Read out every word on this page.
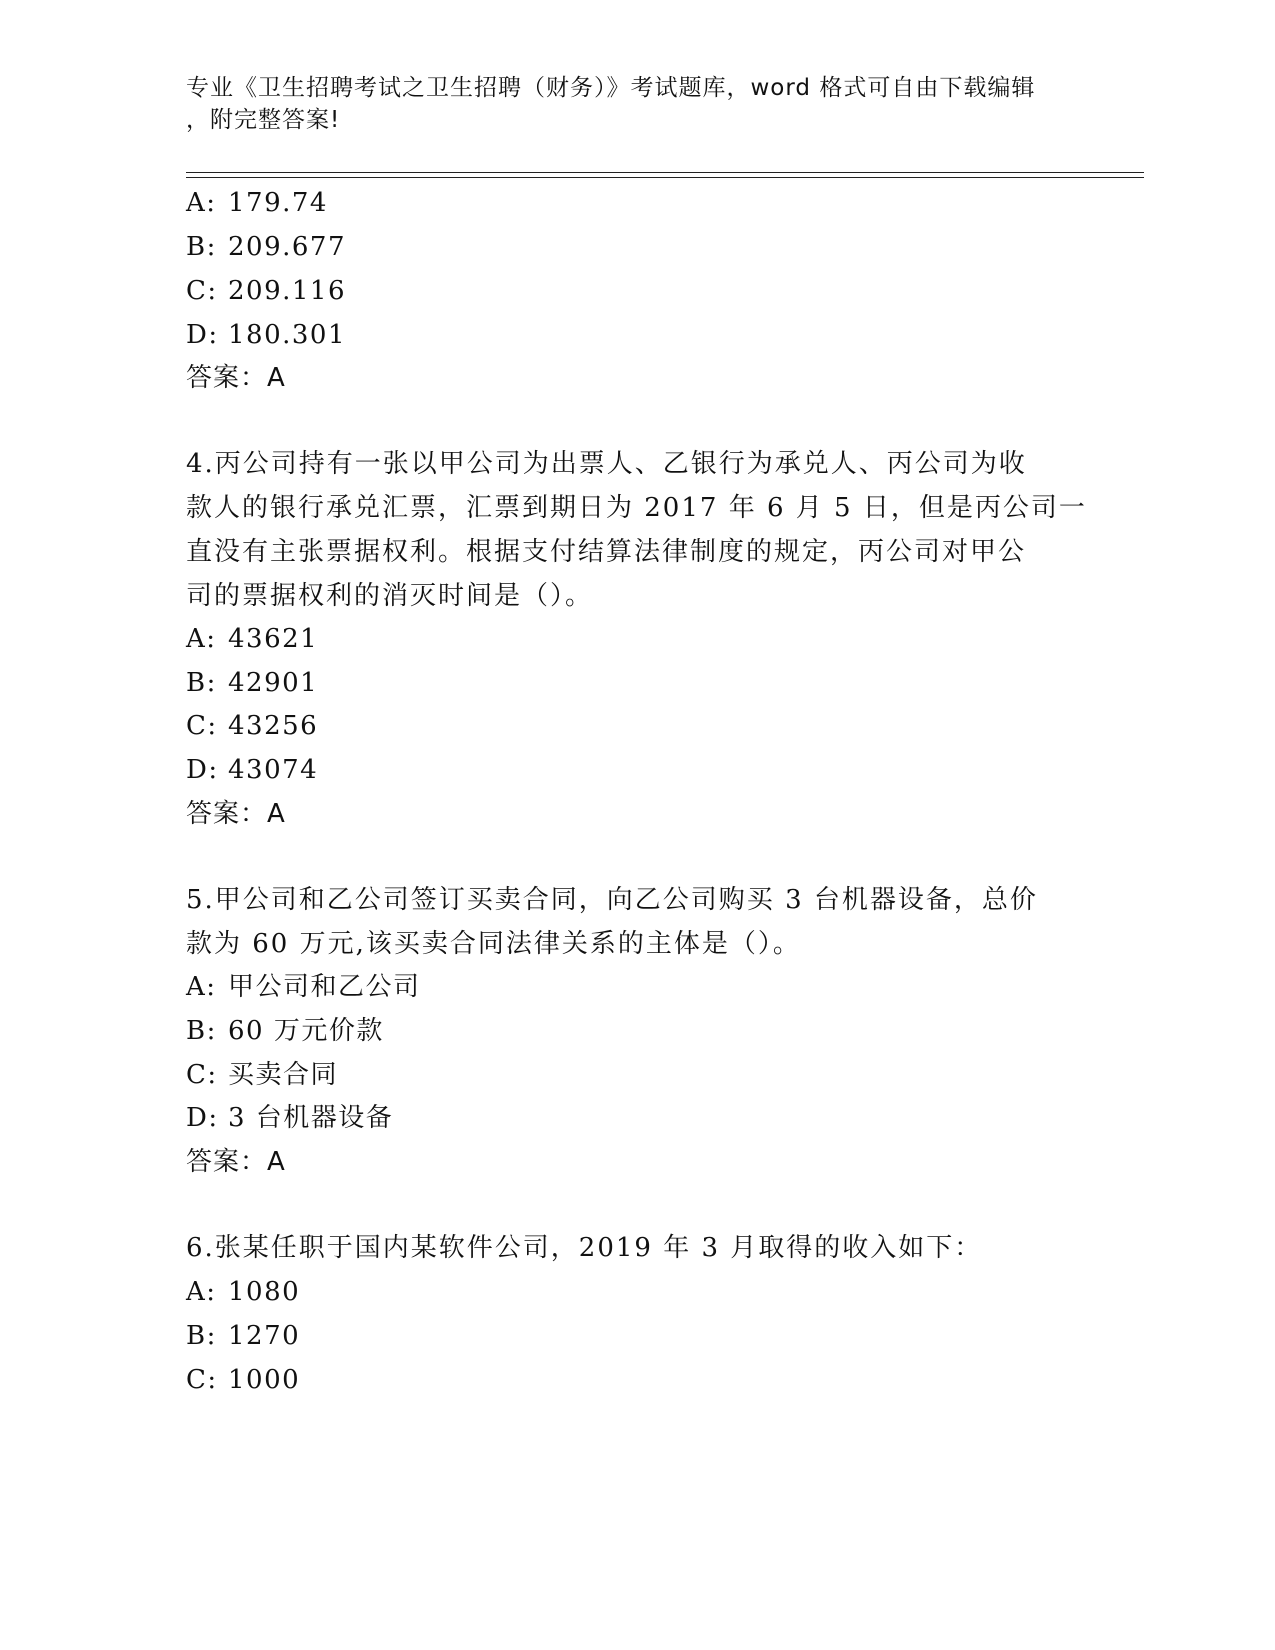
专业《卫生招聘考试之卫生招聘（财务）》考试题库，word 格式可自由下载编辑
，附完整答案!
A: 179.74
B: 209.677
C: 209.116
D: 180.301
答案：A
4.丙公司持有一张以甲公司为出票人、乙银行为承兑人、丙公司为收
款人的银行承兑汇票，汇票到期日为 2017 年 6 月 5 日，但是丙公司一
直没有主张票据权利。根据支付结算法律制度的规定，丙公司对甲公
司的票据权利的消灭时间是（）。
A: 43621
B: 42901
C: 43256
D: 43074
答案：A
5.甲公司和乙公司签订买卖合同，向乙公司购买 3 台机器设备，总价
款为 60 万元,该买卖合同法律关系的主体是（）。
A: 甲公司和乙公司
B: 60 万元价款
C: 买卖合同
D: 3 台机器设备
答案：A
6.张某任职于国内某软件公司，2019 年 3 月取得的收入如下：
A: 1080
B: 1270
C: 1000
